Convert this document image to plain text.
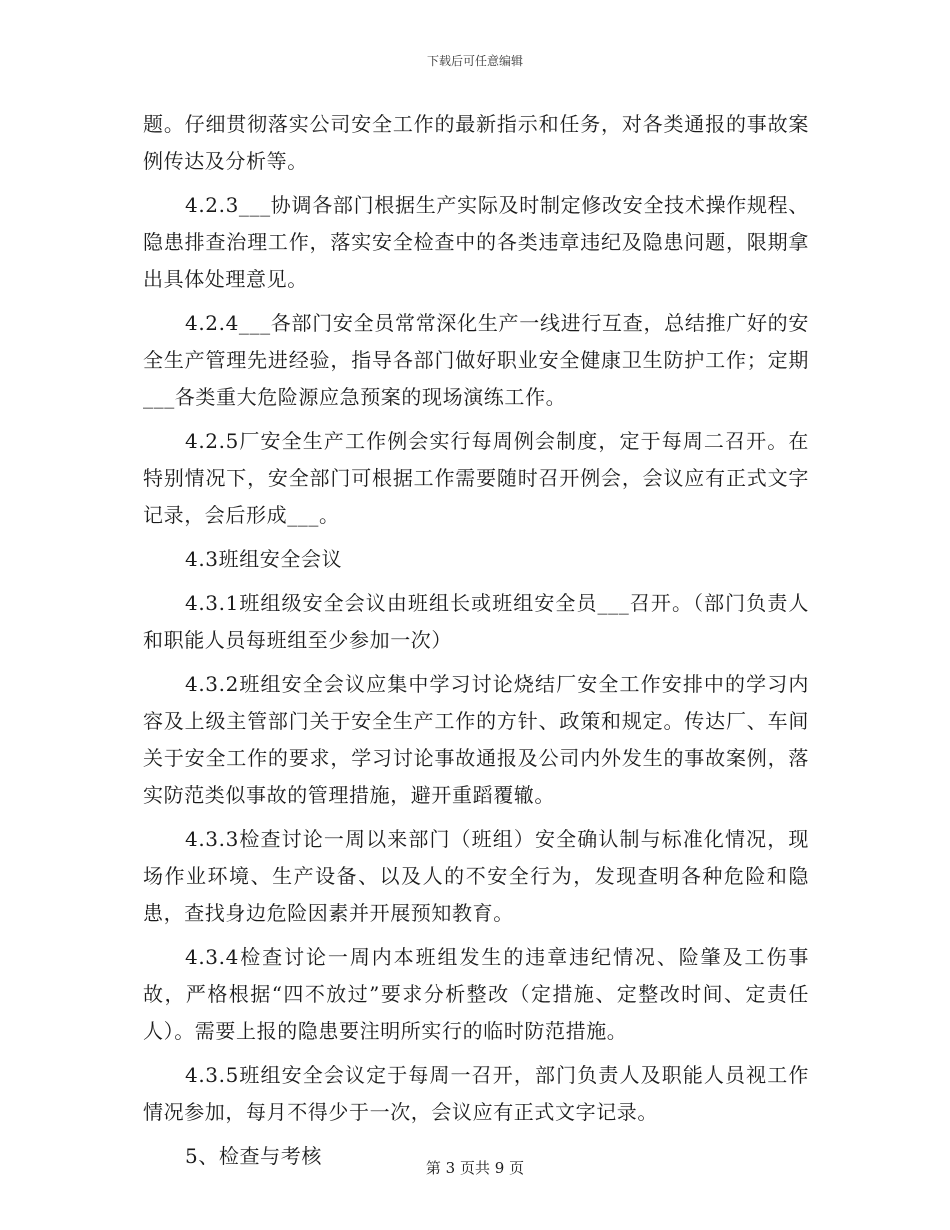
下载后可任意编辑

题。仔细贯彻落实公司安全工作的最新指示和任务，对各类通报的事故案例传达及分析等。

4.2.3___协调各部门根据生产实际及时制定修改安全技术操作规程、隐患排查治理工作，落实安全检查中的各类违章违纪及隐患问题，限期拿出具体处理意见。

4.2.4___各部门安全员常常深化生产一线进行互查，总结推广好的安全生产管理先进经验，指导各部门做好职业安全健康卫生防护工作；定期___各类重大危险源应急预案的现场演练工作。

4.2.5厂安全生产工作例会实行每周例会制度，定于每周二召开。在特别情况下，安全部门可根据工作需要随时召开例会，会议应有正式文字记录，会后形成___。

4.3班组安全会议

4.3.1班组级安全会议由班组长或班组安全员___召开。（部门负责人和职能人员每班组至少参加一次）

4.3.2班组安全会议应集中学习讨论烧结厂安全工作安排中的学习内容及上级主管部门关于安全生产工作的方针、政策和规定。传达厂、车间关于安全工作的要求，学习讨论事故通报及公司内外发生的事故案例，落实防范类似事故的管理措施，避开重蹈覆辙。

4.3.3检查讨论一周以来部门（班组）安全确认制与标准化情况，现场作业环境、生产设备、以及人的不安全行为，发现查明各种危险和隐患，查找身边危险因素并开展预知教育。

4.3.4检查讨论一周内本班组发生的违章违纪情况、险肇及工伤事故，严格根据“四不放过”要求分析整改（定措施、定整改时间、定责任人）。需要上报的隐患要注明所实行的临时防范措施。

4.3.5班组安全会议定于每周一召开，部门负责人及职能人员视工作情况参加，每月不得少于一次，会议应有正式文字记录。

5、检查与考核	第 3 页共 9 页
